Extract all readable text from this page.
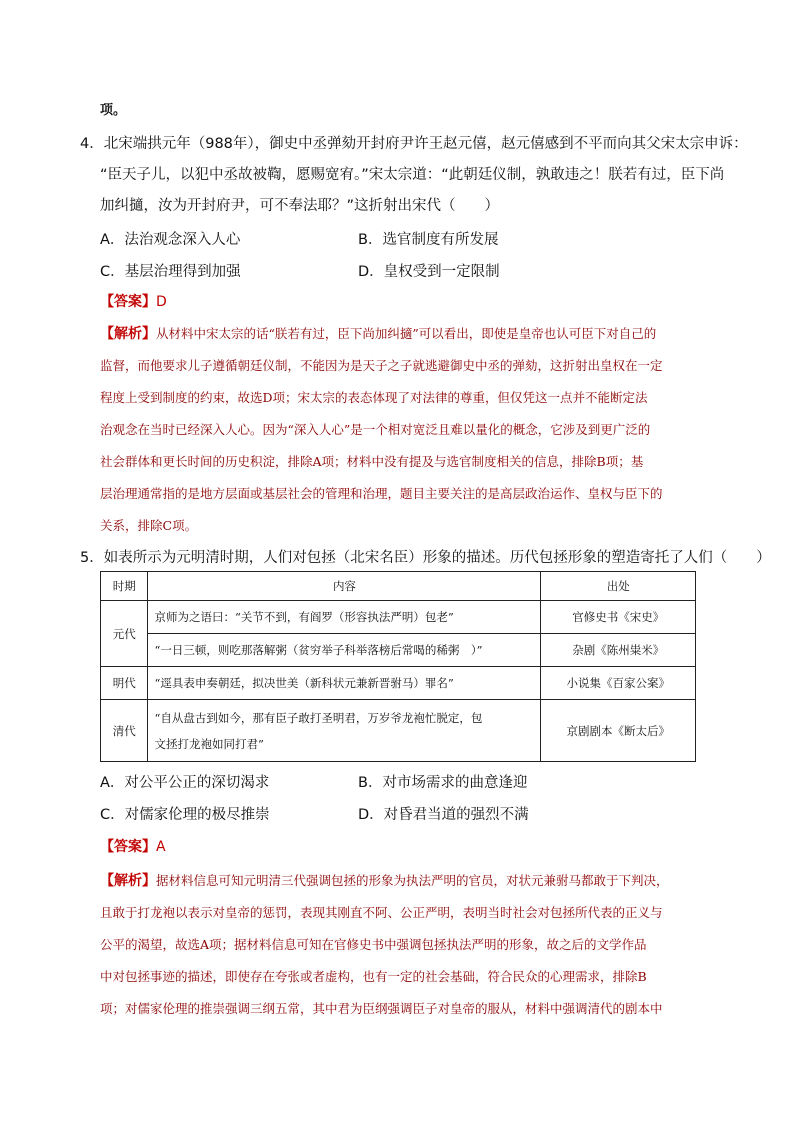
项。
4．北宋端拱元年（988年），御史中丞弹劾开封府尹许王赵元僖，赵元僖感到不平而向其父宋太宗申诉：
“臣天子儿，以犯中丞故被鞫，愿赐宽宥。”宋太宗道：“此朝廷仪制，孰敢违之！朕若有过，臣下尚
加纠擿，汝为开封府尹，可不奉法耶？”这折射出宋代（　　）
A．法治观念深入人心	B．选官制度有所发展
C．基层治理得到加强	D．皇权受到一定限制
【答案】D
【解析】从材料中宋太宗的话“朕若有过，臣下尚加纠擿”可以看出，即使是皇帝也认可臣下对自己的
监督，而他要求儿子遵循朝廷仪制，不能因为是天子之子就逃避御史中丞的弹劾，这折射出皇权在一定
程度上受到制度的约束，故选D项；宋太宗的表态体现了对法律的尊重，但仅凭这一点并不能断定法
治观念在当时已经深入人心。因为“深入人心”是一个相对宽泛且难以量化的概念，它涉及到更广泛的
社会群体和更长时间的历史积淀，排除A项；材料中没有提及与选官制度相关的信息，排除B项；基
层治理通常指的是地方层面或基层社会的管理和治理，题目主要关注的是高层政治运作、皇权与臣下的
关系，排除C项。
5．如表所示为元明清时期，人们对包拯（北宋名臣）形象的描述。历代包拯形象的塑造寄托了人们（　　）
时期	内容	出处
元代	京师为之语曰：“关节不到，有阎罗（形容执法严明）包老”	官修史书《宋史》
	“一日三顿，则吃那落解粥（贫穷举子科举落榜后常喝的稀粥　）”	杂剧《陈州粜米》
明代	“逕具表申奏朝廷，拟决世美（新科状元兼新晋驸马）罪名”	小说集《百家公案》
清代	“自从盘古到如今，那有臣子敢打圣明君，万岁爷龙袍忙脱定，包
文拯打龙袍如同打君”	京剧剧本《断太后》
A．对公平公正的深切渴求	B．对市场需求的曲意逢迎
C．对儒家伦理的极尽推崇	D．对昏君当道的强烈不满
【答案】A
【解析】据材料信息可知元明清三代强调包拯的形象为执法严明的官员，对状元兼驸马都敢于下判决，
且敢于打龙袍以表示对皇帝的惩罚，表现其刚直不阿、公正严明，表明当时社会对包拯所代表的正义与
公平的渴望，故选A项；据材料信息可知在官修史书中强调包拯执法严明的形象，故之后的文学作品
中对包拯事迹的描述，即使存在夸张或者虚构，也有一定的社会基础，符合民众的心理需求，排除B
项；对儒家伦理的推崇强调三纲五常，其中君为臣纲强调臣子对皇帝的服从，材料中强调清代的剧本中
